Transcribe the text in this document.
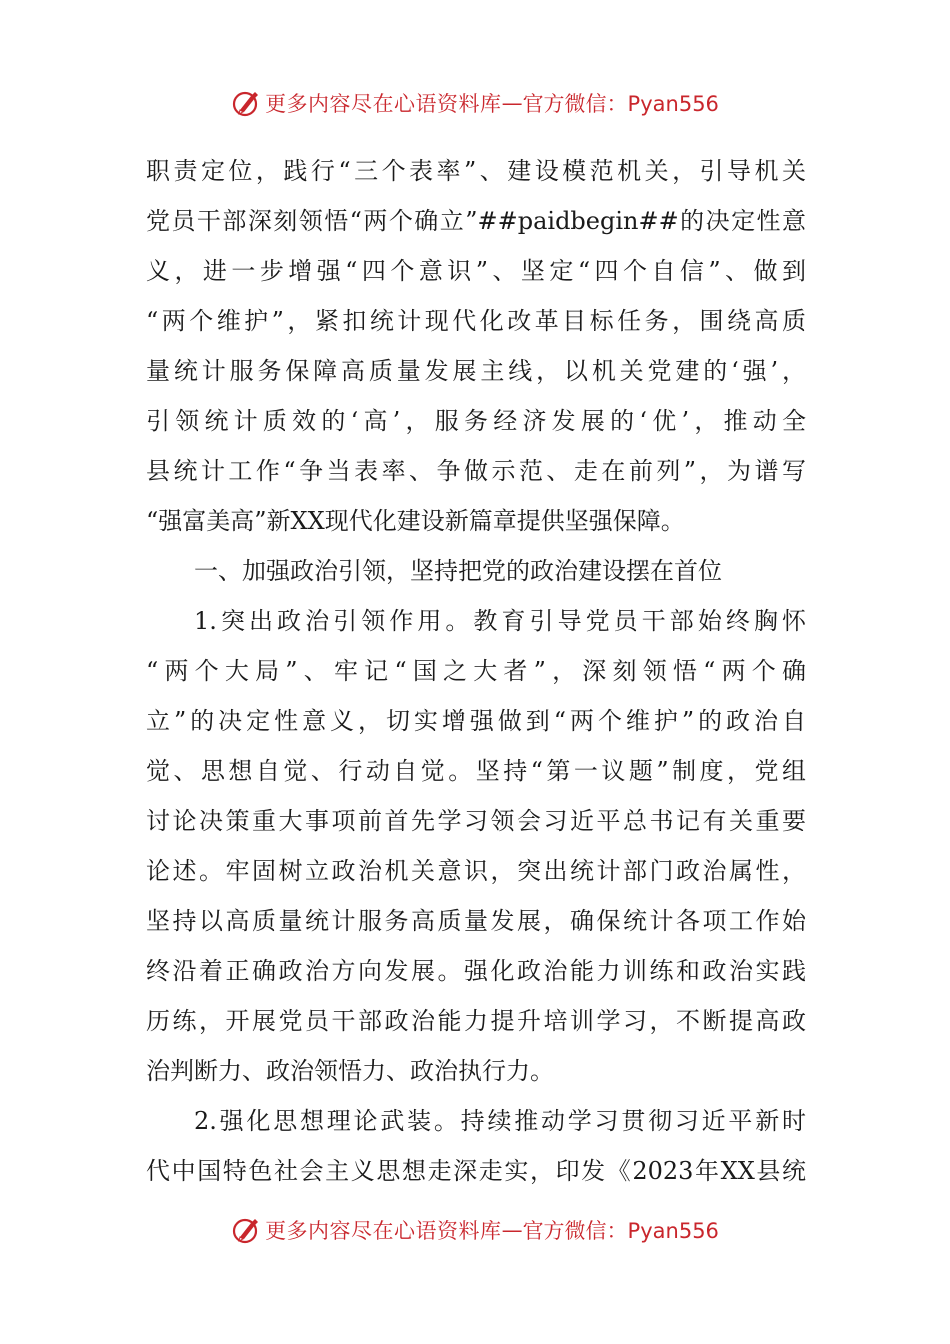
更多内容尽在心语资料库 — 官方微信：Pyan556
职责定位，践行“三个表率”、建设模范机关，引导机关
党员干部深刻领悟“两个确立”##paidbegin##的决定性意
义，进一步增强“四个意识”、坚定“四个自信”、做到
“两个维护”，紧扣统计现代化改革目标任务，围绕高质
量统计服务保障高质量发展主线，以机关党建的‘强’，
引领统计质效的‘高’，服务经济发展的‘优’，推动全
县统计工作“争当表率、争做示范、走在前列”，为谱写
“强富美高”新XX现代化建设新篇章提供坚强保障。
一、加强政治引领，坚持把党的政治建设摆在首位
1.突出政治引领作用。教育引导党员干部始终胸怀
“两个大局”、牢记“国之大者”，深刻领悟“两个确
立”的决定性意义，切实增强做到“两个维护”的政治自
觉、思想自觉、行动自觉。坚持“第一议题”制度，党组
讨论决策重大事项前首先学习领会习近平总书记有关重要
论述。牢固树立政治机关意识，突出统计部门政治属性，
坚持以高质量统计服务高质量发展，确保统计各项工作始
终沿着正确政治方向发展。强化政治能力训练和政治实践
历练，开展党员干部政治能力提升培训学习，不断提高政
治判断力、政治领悟力、政治执行力。
2.强化思想理论武装。持续推动学习贯彻习近平新时
代中国特色社会主义思想走深走实，印发《2023年XX县统
更多内容尽在心语资料库 — 官方微信：Pyan556
